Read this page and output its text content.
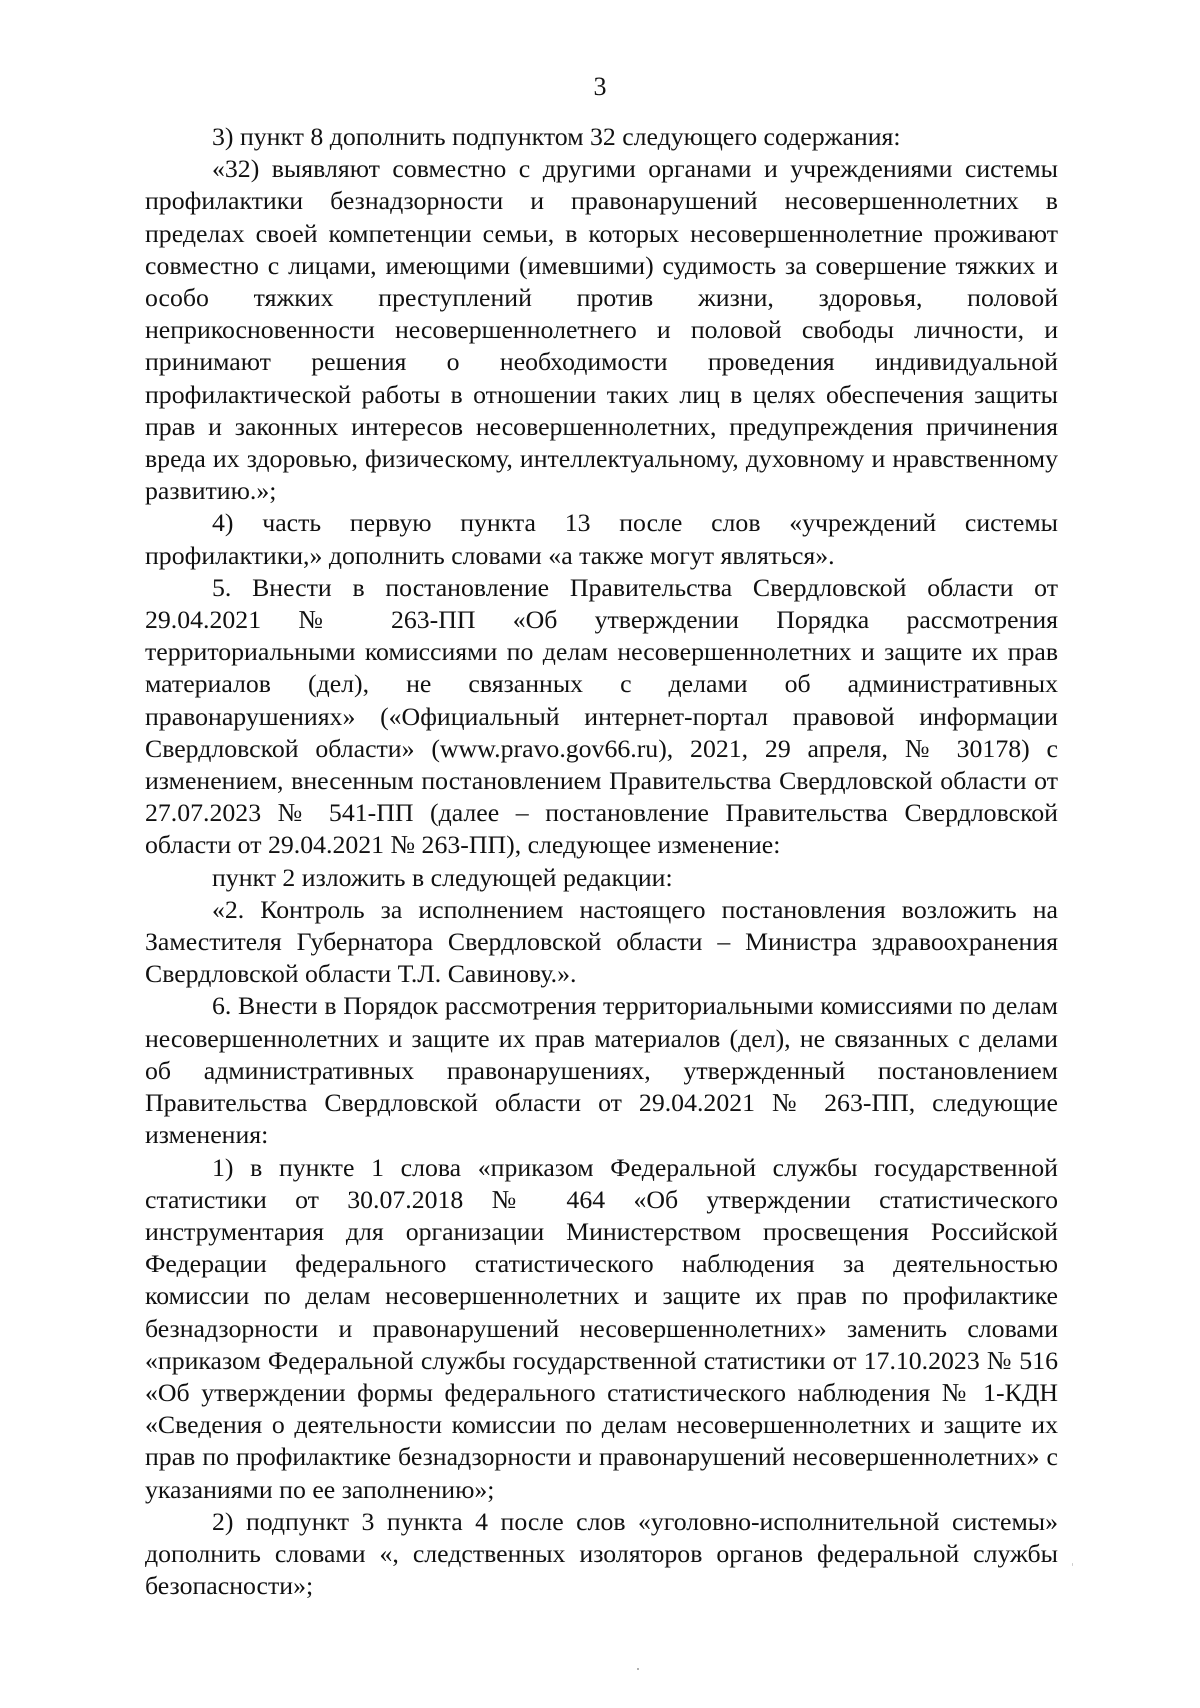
3

3) пункт 8 дополнить подпунктом 32 следующего содержания:

«32) выявляют совместно с другими органами и учреждениями системы профилактики безнадзорности и правонарушений несовершеннолетних в пределах своей компетенции семьи, в которых несовершеннолетние проживают совместно с лицами, имеющими (имевшими) судимость за совершение тяжких и особо тяжких преступлений против жизни, здоровья, половой неприкосновенности несовершеннолетнего и половой свободы личности, и принимают решения о необходимости проведения индивидуальной профилактической работы в отношении таких лиц в целях обеспечения защиты прав и законных интересов несовершеннолетних, предупреждения причинения вреда их здоровью, физическому, интеллектуальному, духовному и нравственному развитию.»;

4) часть первую пункта 13 после слов «учреждений системы профилактики,» дополнить словами «а также могут являться».

5. Внести в постановление Правительства Свердловской области от 29.04.2021 № 263-ПП «Об утверждении Порядка рассмотрения территориальными комиссиями по делам несовершеннолетних и защите их прав материалов (дел), не связанных с делами об административных правонарушениях» («Официальный интернет-портал правовой информации Свердловской области» (www.pravo.gov66.ru), 2021, 29 апреля, № 30178) с изменением, внесенным постановлением Правительства Свердловской области от 27.07.2023 № 541-ПП (далее – постановление Правительства Свердловской области от 29.04.2021 № 263-ПП), следующее изменение:

пункт 2 изложить в следующей редакции:

«2. Контроль за исполнением настоящего постановления возложить на Заместителя Губернатора Свердловской области – Министра здравоохранения Свердловской области Т.Л. Савинову.».

6. Внести в Порядок рассмотрения территориальными комиссиями по делам несовершеннолетних и защите их прав материалов (дел), не связанных с делами об административных правонарушениях, утвержденный постановлением Правительства Свердловской области от 29.04.2021 № 263-ПП, следующие изменения:

1) в пункте 1 слова «приказом Федеральной службы государственной статистики от 30.07.2018 № 464 «Об утверждении статистического инструментария для организации Министерством просвещения Российской Федерации федерального статистического наблюдения за деятельностью комиссии по делам несовершеннолетних и защите их прав по профилактике безнадзорности и правонарушений несовершеннолетних» заменить словами «приказом Федеральной службы государственной статистики от 17.10.2023 № 516 «Об утверждении формы федерального статистического наблюдения № 1-КДН «Сведения о деятельности комиссии по делам несовершеннолетних и защите их прав по профилактике безнадзорности и правонарушений несовершеннолетних» с указаниями по ее заполнению»;

2) подпункт 3 пункта 4 после слов «уголовно-исполнительной системы» дополнить словами «, следственных изоляторов органов федеральной службы безопасности»;
